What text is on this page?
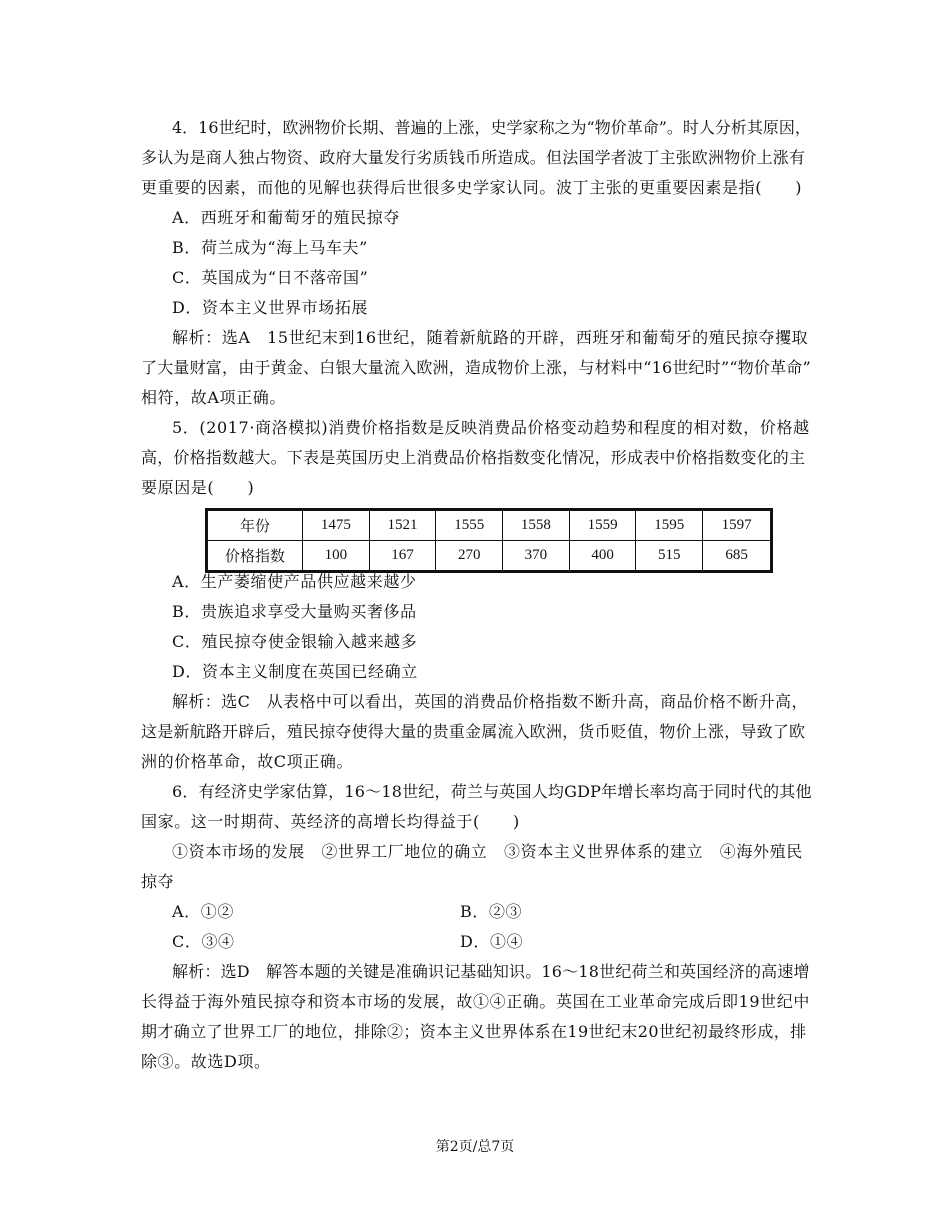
4．16世纪时，欧洲物价长期、普遍的上涨，史学家称之为“物价革命”。时人分析其原因，
多认为是商人独占物资、政府大量发行劣质钱币所造成。但法国学者波丁主张欧洲物价上涨有
更重要的因素，而他的见解也获得后世很多史学家认同。波丁主张的更重要因素是指(　　)
A．西班牙和葡萄牙的殖民掠夺
B．荷兰成为“海上马车夫”
C．英国成为“日不落帝国”
D．资本主义世界市场拓展
解析：选A　15世纪末到16世纪，随着新航路的开辟，西班牙和葡萄牙的殖民掠夺攫取
了大量财富，由于黄金、白银大量流入欧洲，造成物价上涨，与材料中“16世纪时”“物价革命”
相符，故A项正确。
5．(2017·商洛模拟)消费价格指数是反映消费品价格变动趋势和程度的相对数，价格越
高，价格指数越大。下表是英国历史上消费品价格指数变化情况，形成表中价格指数变化的主
要原因是(　　)
年份	1475	1521	1555	1558	1559	1595	1597
价格指数	100	167	270	370	400	515	685
A．生产萎缩使产品供应越来越少
B．贵族追求享受大量购买奢侈品
C．殖民掠夺使金银输入越来越多
D．资本主义制度在英国已经确立
解析：选C　从表格中可以看出，英国的消费品价格指数不断升高，商品价格不断升高，
这是新航路开辟后，殖民掠夺使得大量的贵重金属流入欧洲，货币贬值，物价上涨，导致了欧
洲的价格革命，故C项正确。
6．有经济史学家估算，16～18世纪，荷兰与英国人均GDP年增长率均高于同时代的其他
国家。这一时期荷、英经济的高增长均得益于(　　)
①资本市场的发展　②世界工厂地位的确立　③资本主义世界体系的建立　④海外殖民
掠夺
A．①②	B．②③
C．③④	D．①④
解析：选D　解答本题的关键是准确识记基础知识。16～18世纪荷兰和英国经济的高速增
长得益于海外殖民掠夺和资本市场的发展，故①④正确。英国在工业革命完成后即19世纪中
期才确立了世界工厂的地位，排除②；资本主义世界体系在19世纪末20世纪初最终形成，排
除③。故选D项。
第2页/总7页
